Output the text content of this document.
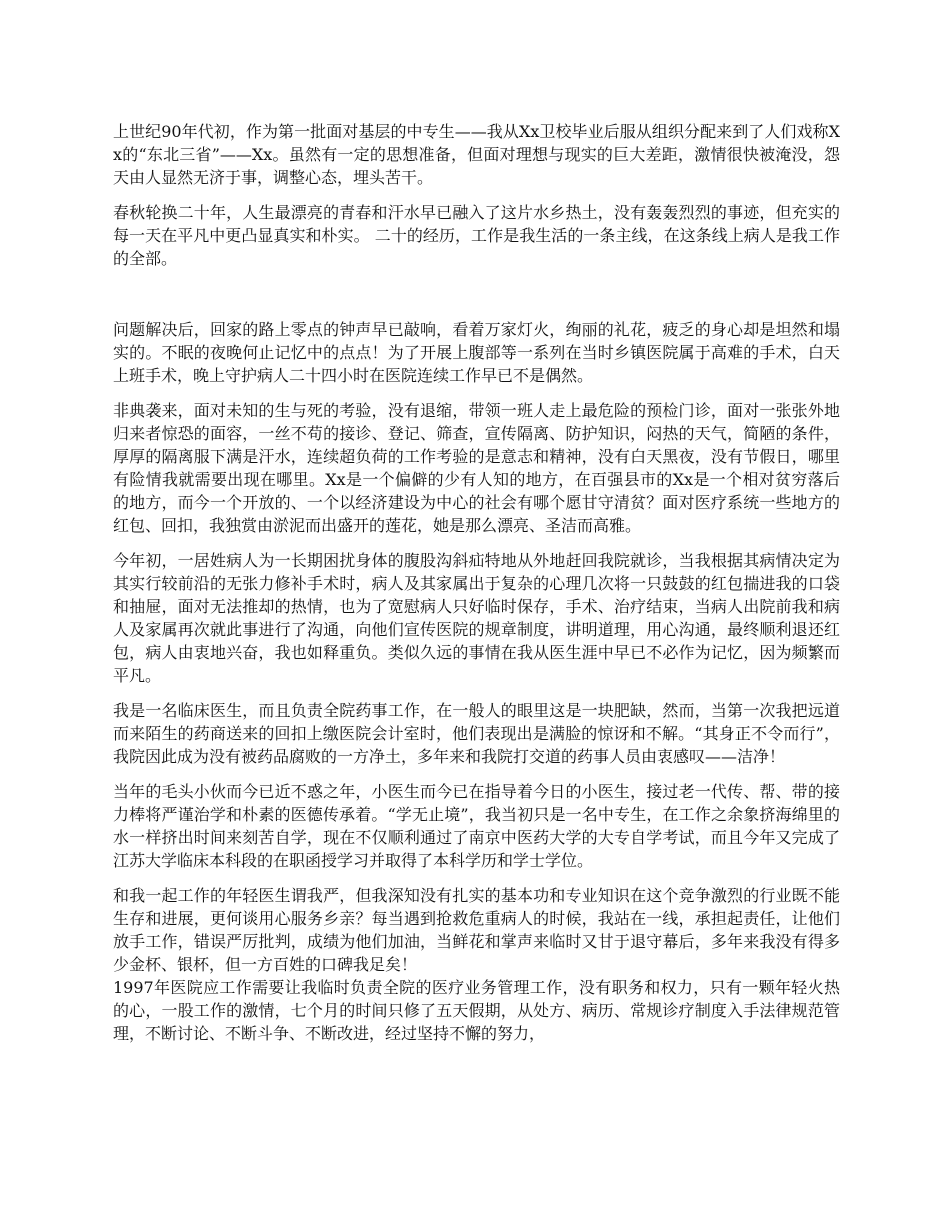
上世纪90年代初，作为第一批面对基层的中专生——我从Xx卫校毕业后服从组织分配来到了人们戏称Xx的“东北三省”——Xx。虽然有一定的思想准备，但面对理想与现实的巨大差距，激情很快被淹没，怨天由人显然无济于事，调整心态，埋头苦干。

春秋轮换二十年，人生最漂亮的青春和汗水早已融入了这片水乡热土，没有轰轰烈烈的事迹，但充实的每一天在平凡中更凸显真实和朴实。 二十的经历，工作是我生活的一条主线，在这条线上病人是我工作的全部。

问题解决后，回家的路上零点的钟声早已敲响，看着万家灯火，绚丽的礼花，疲乏的身心却是坦然和塌实的。不眠的夜晚何止记忆中的点点！为了开展上腹部等一系列在当时乡镇医院属于高难的手术，白天上班手术，晚上守护病人二十四小时在医院连续工作早已不是偶然。

非典袭来，面对未知的生与死的考验，没有退缩，带领一班人走上最危险的预检门诊，面对一张张外地归来者惊恐的面容，一丝不苟的接诊、登记、筛查，宣传隔离、防护知识，闷热的天气，简陋的条件，厚厚的隔离服下满是汗水，连续超负荷的工作考验的是意志和精神，没有白天黑夜，没有节假日，哪里有险情我就需要出现在哪里。Xx是一个偏僻的少有人知的地方，在百强县市的Xx是一个相对贫穷落后的地方，而今一个开放的、一个以经济建设为中心的社会有哪个愿甘守清贫？面对医疗系统一些地方的红包、回扣，我独赏由淤泥而出盛开的莲花，她是那么漂亮、圣洁而高雅。

今年初，一居姓病人为一长期困扰身体的腹股沟斜疝特地从外地赶回我院就诊，当我根据其病情决定为其实行较前沿的无张力修补手术时，病人及其家属出于复杂的心理几次将一只鼓鼓的红包揣进我的口袋和抽屉，面对无法推却的热情，也为了宽慰病人只好临时保存，手术、治疗结束，当病人出院前我和病人及家属再次就此事进行了沟通，向他们宣传医院的规章制度，讲明道理，用心沟通，最终顺利退还红包，病人由衷地兴奋，我也如释重负。类似久远的事情在我从医生涯中早已不必作为记忆，因为频繁而平凡。

我是一名临床医生，而且负责全院药事工作，在一般人的眼里这是一块肥缺，然而，当第一次我把远道而来陌生的药商送来的回扣上缴医院会计室时，他们表现出是满脸的惊讶和不解。“其身正不令而行”，我院因此成为没有被药品腐败的一方净土，多年来和我院打交道的药事人员由衷感叹——洁净！

当年的毛头小伙而今已近不惑之年，小医生而今已在指导着今日的小医生，接过老一代传、帮、带的接力棒将严谨治学和朴素的医德传承着。“学无止境”，我当初只是一名中专生，在工作之余象挤海绵里的水一样挤出时间来刻苦自学，现在不仅顺利通过了南京中医药大学的大专自学考试，而且今年又完成了江苏大学临床本科段的在职函授学习并取得了本科学历和学士学位。

和我一起工作的年轻医生谓我严，但我深知没有扎实的基本功和专业知识在这个竞争激烈的行业既不能生存和进展，更何谈用心服务乡亲？每当遇到抢救危重病人的时候，我站在一线，承担起责任，让他们放手工作，错误严厉批判，成绩为他们加油，当鲜花和掌声来临时又甘于退守幕后，多年来我没有得多少金杯、银杯，但一方百姓的口碑我足矣！

1997年医院应工作需要让我临时负责全院的医疗业务管理工作，没有职务和权力，只有一颗年轻火热的心，一股工作的激情，七个月的时间只修了五天假期，从处方、病历、常规诊疗制度入手法律规范管理，不断讨论、不断斗争、不断改进，经过坚持不懈的努力，
